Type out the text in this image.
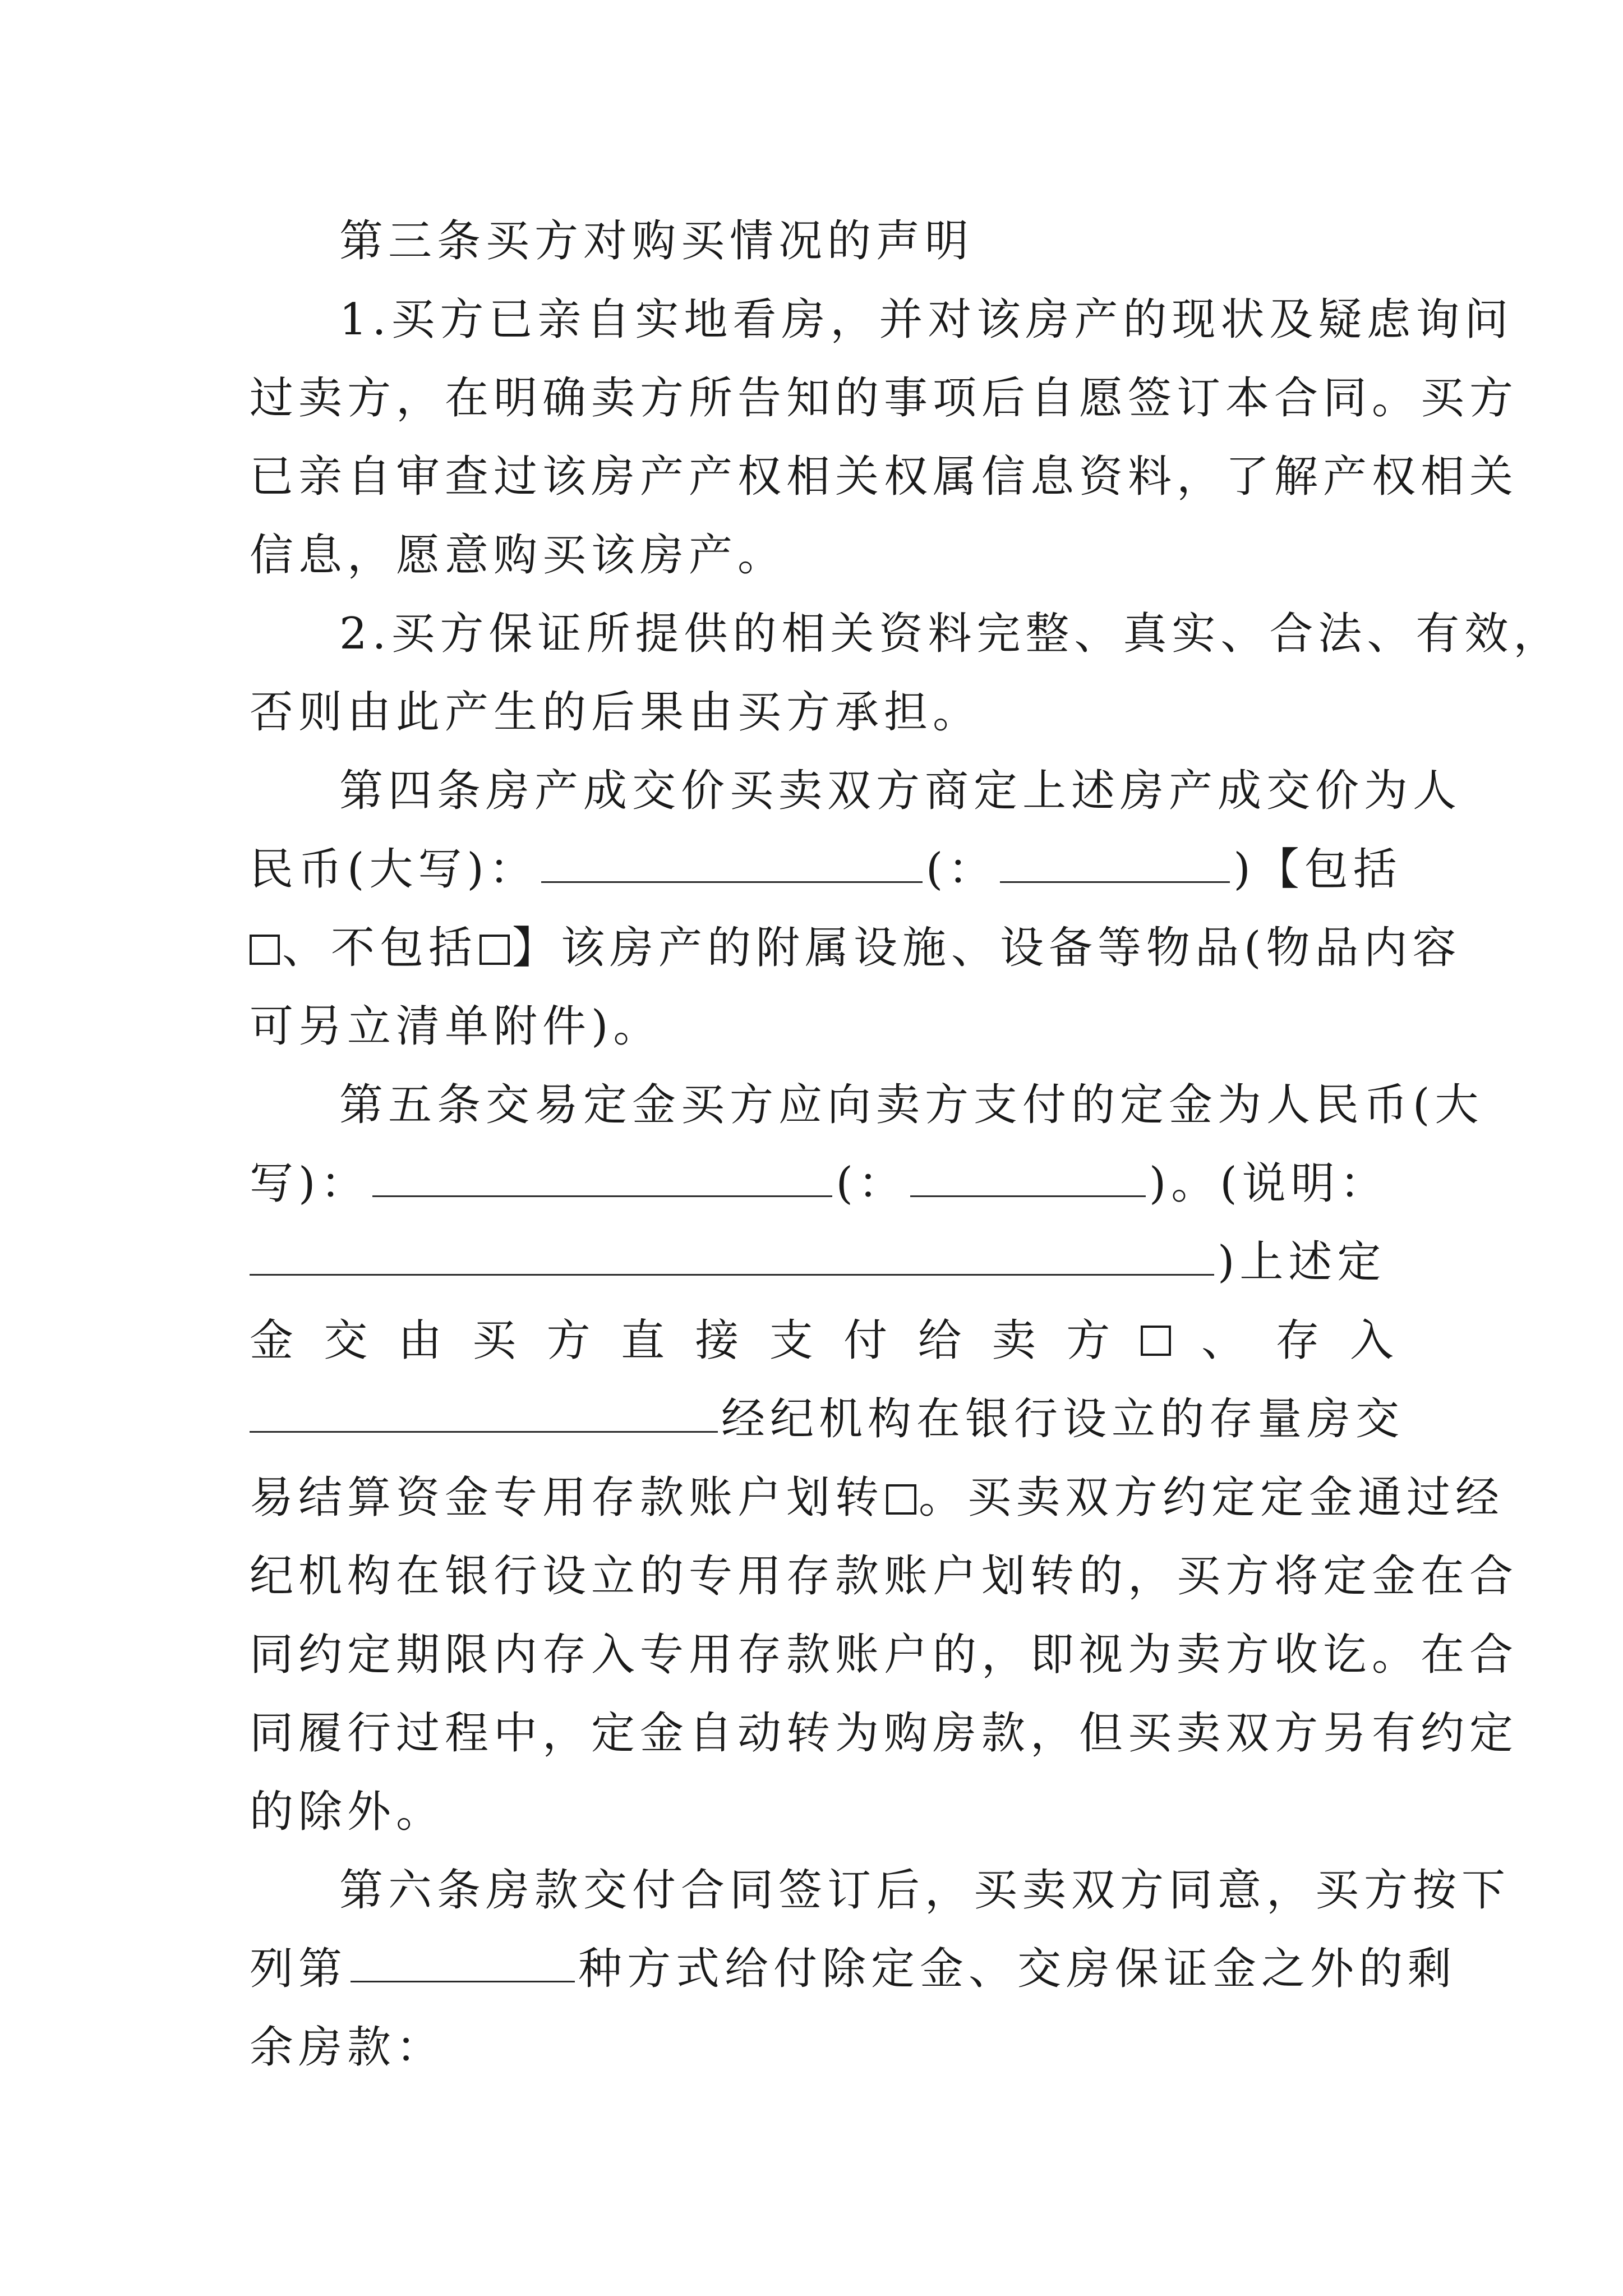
第三条买方对购买情况的声明
1.买方已亲自实地看房，并对该房产的现状及疑虑询问
过卖方，在明确卖方所告知的事项后自愿签订本合同。买方
已亲自审查过该房产产权相关权属信息资料，了解产权相关
信息，愿意购买该房产。
2.买方保证所提供的相关资料完整、真实、合法、有效，
否则由此产生的后果由买方承担。
第四条房产成交价买卖双方商定上述房产成交价为人
民币(大写)：	(：	)【包括
、不包括 】该房产的附属设施、设备等物品(物品内容
可另立清单附件)。
第五条交易定金买方应向卖方支付的定金为人民币(大
写)：	(：	)。(说明：
)上述定
金 交 由 买 方 直 接 支 付 给 卖 方 、 存 入
经纪机构在银行设立的存量房交
易结算资金专用存款账户划转 。买卖双方约定定金通过经
纪机构在银行设立的专用存款账户划转的，买方将定金在合
同约定期限内存入专用存款账户的，即视为卖方收讫。在合
同履行过程中，定金自动转为购房款，但买卖双方另有约定
的除外。
第六条房款交付合同签订后，买卖双方同意，买方按下
列第	种方式给付除定金、交房保证金之外的剩
余房款：
